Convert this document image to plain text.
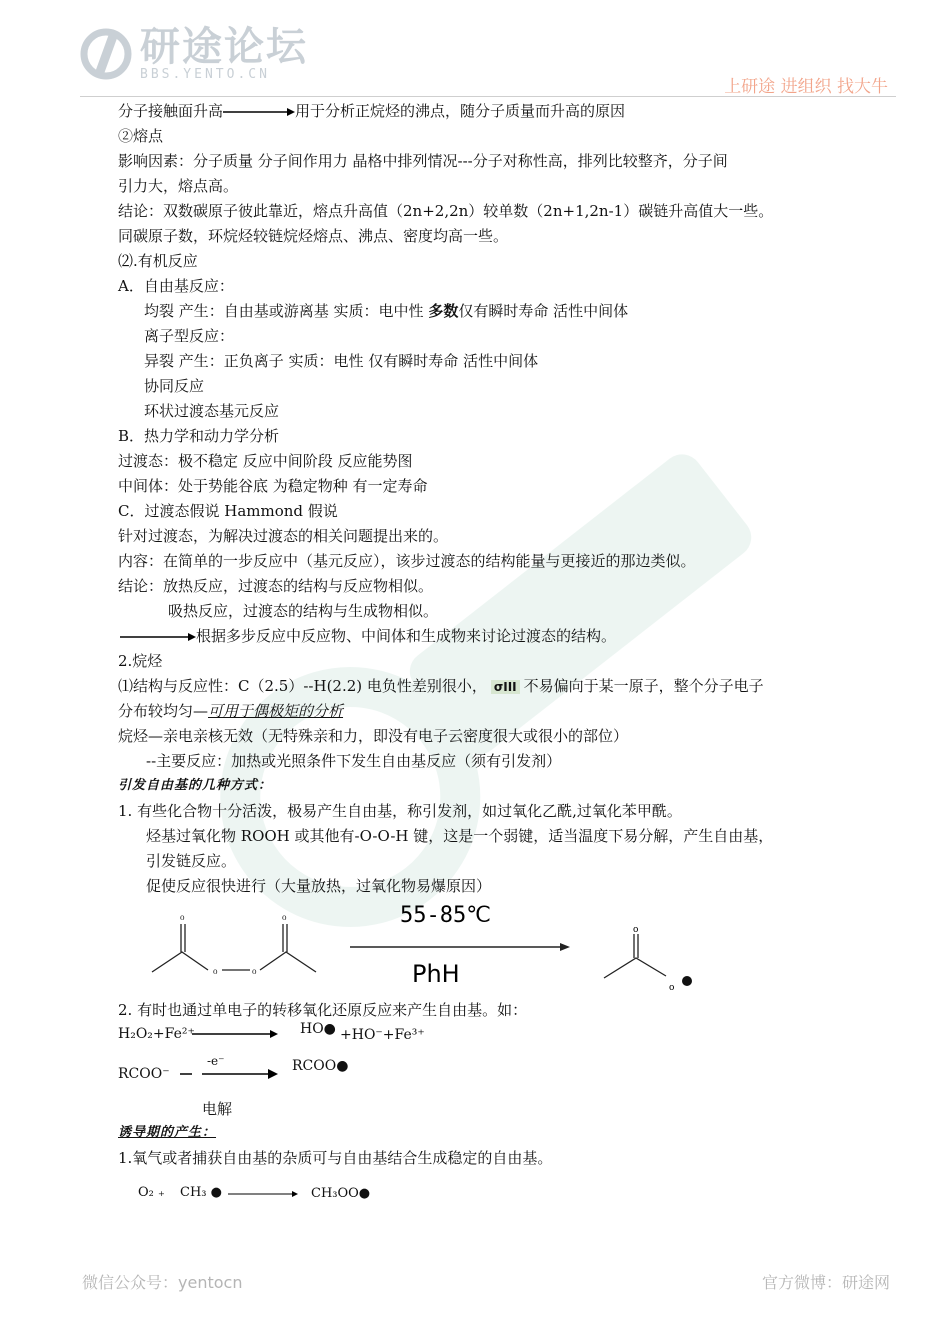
研途论坛
BBS.YENTO.CN
上研途 进组织 找大牛
分子接触面升高	用于分析正烷烃的沸点，随分子质量而升高的原因
②熔点
影响因素：分子质量 分子间作用力 晶格中排列情况---分子对称性高，排列比较整齐，分子间
引力大，熔点高。
结论：双数碳原子彼此靠近，熔点升高值（2n+2,2n）较单数（2n+1,2n-1）碳链升高值大一些。
同碳原子数，环烷烃较链烷烃熔点、沸点、密度均高一些。
⑵.有机反应
A．自由基反应：
均裂 产生：自由基或游离基 实质：电中性 多数仅有瞬时寿命 活性中间体
离子型反应：
异裂 产生：正负离子 实质：电性 仅有瞬时寿命 活性中间体
协同反应
环状过渡态基元反应
B．热力学和动力学分析
过渡态：极不稳定 反应中间阶段 反应能势图
中间体：处于势能谷底 为稳定物种 有一定寿命
C．过渡态假说 Hammond 假说
针对过渡态，为解决过渡态的相关问题提出来的。
内容：在简单的一步反应中（基元反应），该步过渡态的结构能量与更接近的那边类似。
结论：放热反应，过渡态的结构与反应物相似。
吸热反应，过渡态的结构与生成物相似。
根据多步反应中反应物、中间体和生成物来讨论过渡态的结构。
2.烷烃
⑴结构与反应性：C（2.5）--H(2.2) 电负性差别很小， σIII 不易偏向于某一原子，整个分子电子
分布较均匀—可用于偶极矩的分析
烷烃—亲电亲核无效（无特殊亲和力，即没有电子云密度很大或很小的部位）
--主要反应：加热或光照条件下发生自由基反应（须有引发剂）
引发自由基的几种方式：
1. 有些化合物十分活泼，极易产生自由基，称引发剂，如过氧化乙酰,过氧化苯甲酰。
烃基过氧化物 ROOH 或其他有-O-O-H 键，这是一个弱键，适当温度下易分解，产生自由基，
引发链反应。
促使反应很快进行（大量放热，过氧化物易爆原因）
2. 有时也通过单电子的转移氧化还原反应来产生自由基。如：
电解
诱导期的产生：
1.氧气或者捕获自由基的杂质可与自由基结合生成稳定的自由基。
o
o	o
o	55-85℃
PhH
o
o
H₂O₂+Fe²⁺	HO● +HO⁻+Fe³⁺
RCOO⁻
-e⁻	RCOO●
O₂ ₊ CH₃ ●	CH₃OO●
微信公众号：yentocn	官方微博：研途网
